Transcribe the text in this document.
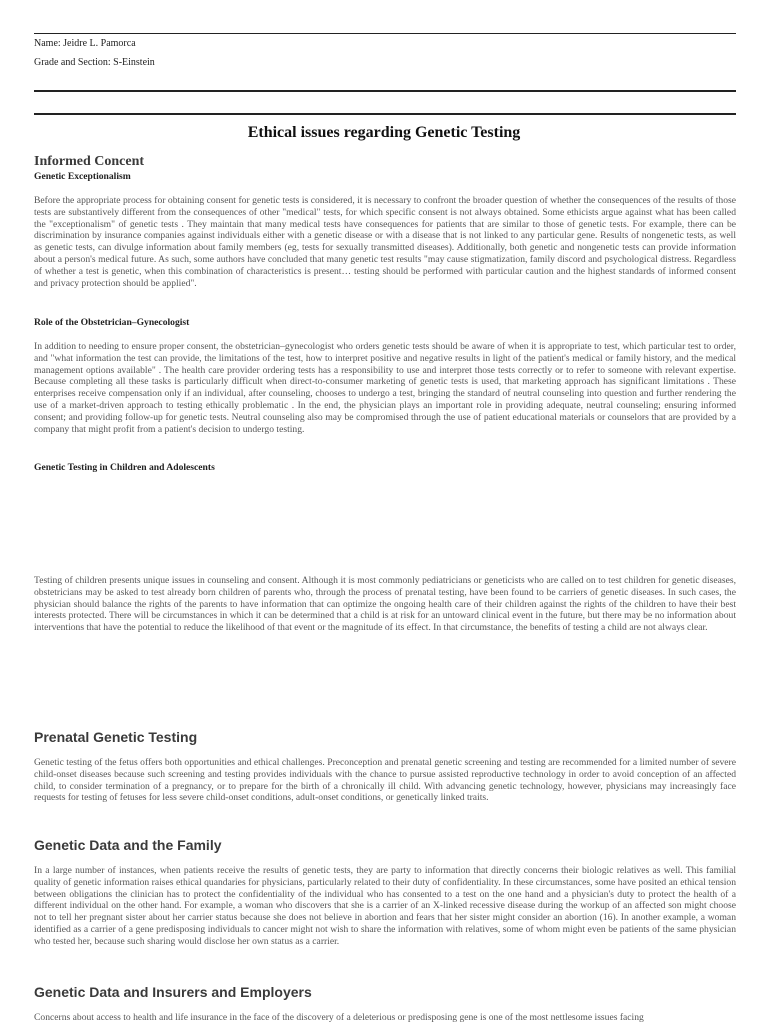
Name: Jeidre L. Pamorca
Grade and Section: S-Einstein
Ethical issues regarding Genetic Testing
Informed Concent
Genetic Exceptionalism

Before the appropriate process for obtaining consent for genetic tests is considered, it is necessary to confront the broader question of whether the consequences of the results of those tests are substantively different from the consequences of other "medical" tests, for which specific consent is not always obtained. Some ethicists argue against what has been called the "exceptionalism" of genetic tests . They maintain that many medical tests have consequences for patients that are similar to those of genetic tests. For example, there can be discrimination by insurance companies against individuals either with a genetic disease or with a disease that is not linked to any particular gene. Results of nongenetic tests, as well as genetic tests, can divulge information about family members (eg, tests for sexually transmitted diseases). Additionally, both genetic and nongenetic tests can provide information about a person's medical future. As such, some authors have concluded that many genetic test results "may cause stigmatization, family discord and psychological distress. Regardless of whether a test is genetic, when this combination of characteristics is present… testing should be performed with particular caution and the highest standards of informed consent and privacy protection should be applied".

Role of the Obstetrician–Gynecologist

In addition to needing to ensure proper consent, the obstetrician–gynecologist who orders genetic tests should be aware of when it is appropriate to test, which particular test to order, and "what information the test can provide, the limitations of the test, how to interpret positive and negative results in light of the patient's medical or family history, and the medical management options available" . The health care provider ordering tests has a responsibility to use and interpret those tests correctly or to refer to someone with relevant expertise. Because completing all these tasks is particularly difficult when direct-to-consumer marketing of genetic tests is used, that marketing approach has significant limitations . These enterprises receive compensation only if an individual, after counseling, chooses to undergo a test, bringing the standard of neutral counseling into question and further rendering the use of a market-driven approach to testing ethically problematic . In the end, the physician plays an important role in providing adequate, neutral counseling; ensuring informed consent; and providing follow-up for genetic tests. Neutral counseling also may be compromised through the use of patient educational materials or counselors that are provided by a company that might profit from a patient's decision to undergo testing.

Genetic Testing in Children and Adolescents

Testing of children presents unique issues in counseling and consent. Although it is most commonly pediatricians or geneticists who are called on to test children for genetic diseases, obstetricians may be asked to test already born children of parents who, through the process of prenatal testing, have been found to be carriers of genetic diseases. In such cases, the physician should balance the rights of the parents to have information that can optimize the ongoing health care of their children against the rights of the children to have their best interests protected. There will be circumstances in which it can be determined that a child is at risk for an untoward clinical event in the future, but there may be no information about interventions that have the potential to reduce the likelihood of that event or the magnitude of its effect. In that circumstance, the benefits of testing a child are not always clear.

Prenatal Genetic Testing

Genetic testing of the fetus offers both opportunities and ethical challenges. Preconception and prenatal genetic screening and testing are recommended for a limited number of severe child-onset diseases because such screening and testing provides individuals with the chance to pursue assisted reproductive technology in order to avoid conception of an affected child, to consider termination of a pregnancy, or to prepare for the birth of a chronically ill child. With advancing genetic technology, however, physicians may increasingly face requests for testing of fetuses for less severe child-onset conditions, adult-onset conditions, or genetically linked traits.

Genetic Data and the Family

In a large number of instances, when patients receive the results of genetic tests, they are party to information that directly concerns their biologic relatives as well. This familial quality of genetic information raises ethical quandaries for physicians, particularly related to their duty of confidentiality. In these circumstances, some have posited an ethical tension between obligations the clinician has to protect the confidentiality of the individual who has consented to a test on the one hand and a physician's duty to protect the health of a different individual on the other hand. For example, a woman who discovers that she is a carrier of an X-linked recessive disease during the workup of an affected son might choose not to tell her pregnant sister about her carrier status because she does not believe in abortion and fears that her sister might consider an abortion (16). In another example, a woman identified as a carrier of a gene predisposing individuals to cancer might not wish to share the information with relatives, some of whom might even be patients of the same physician who tested her, because such sharing would disclose her own status as a carrier.

Genetic Data and Insurers and Employers

Concerns about access to health and life insurance in the face of the discovery of a deleterious or predisposing gene is one of the most nettlesome issues facing
